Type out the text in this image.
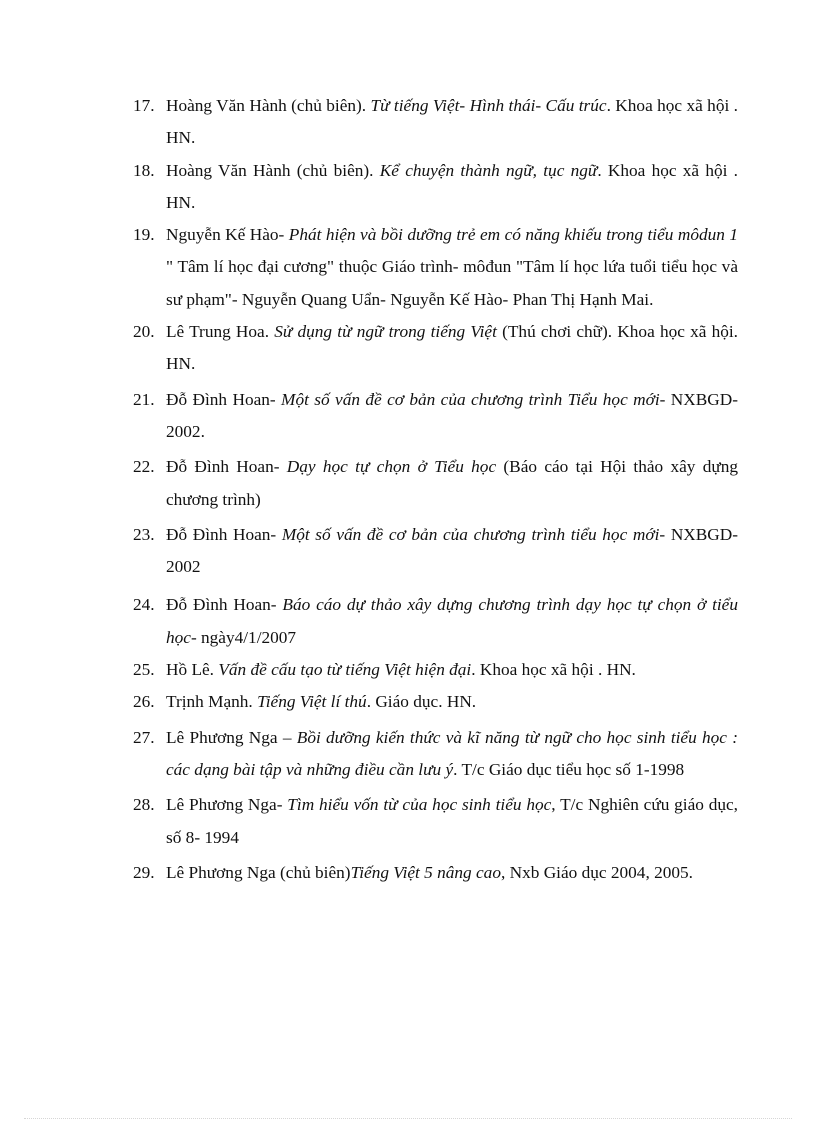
17. Hoàng Văn Hành (chủ biên). Từ tiếng Việt- Hình thái- Cấu trúc. Khoa học xã hội . HN.
18. Hoàng Văn Hành (chủ biên). Kể chuyện thành ngữ, tục ngữ. Khoa học xã hội . HN.
19. Nguyễn Kế Hào- Phát hiện và bồi dưỡng trẻ em có năng khiếu trong tiểu môdun 1 " Tâm lí học đại cương" thuộc Giáo trình- môđun "Tâm lí học lứa tuổi tiểu học và sư phạm"- Nguyễn Quang Uẩn- Nguyễn Kế Hào- Phan Thị Hạnh Mai.
20. Lê Trung Hoa. Sử dụng từ ngữ trong tiếng Việt (Thú chơi chữ). Khoa học xã hội. HN.
21. Đỗ Đình Hoan- Một số vấn đề cơ bản của chương trình Tiểu học mới- NXBGD-2002.
22. Đỗ Đình Hoan- Dạy học tự chọn ở Tiểu học (Báo cáo tại Hội thảo xây dựng chương trình)
23. Đỗ Đình Hoan- Một số vấn đề cơ bản của chương trình tiểu học mới- NXBGD-2002
24. Đỗ Đình Hoan- Báo cáo dự thảo xây dựng chương trình dạy học tự chọn ở tiểu học- ngày4/1/2007
25. Hồ Lê. Vấn đề cấu tạo từ tiếng Việt hiện đại. Khoa học xã hội . HN.
26. Trịnh Mạnh. Tiếng Việt lí thú. Giáo dục. HN.
27. Lê Phương Nga – Bồi dưỡng kiến thức và kĩ năng từ ngữ cho học sinh tiểu học : các dạng bài tập và những điều cần lưu ý. T/c Giáo dục tiểu học số 1-1998
28. Lê Phương Nga- Tìm hiểu vốn từ của học sinh tiểu học, T/c Nghiên cứu giáo dục, số 8- 1994
29. Lê Phương Nga (chủ biên)Tiếng Việt 5 nâng cao, Nxb Giáo dục 2004, 2005.
